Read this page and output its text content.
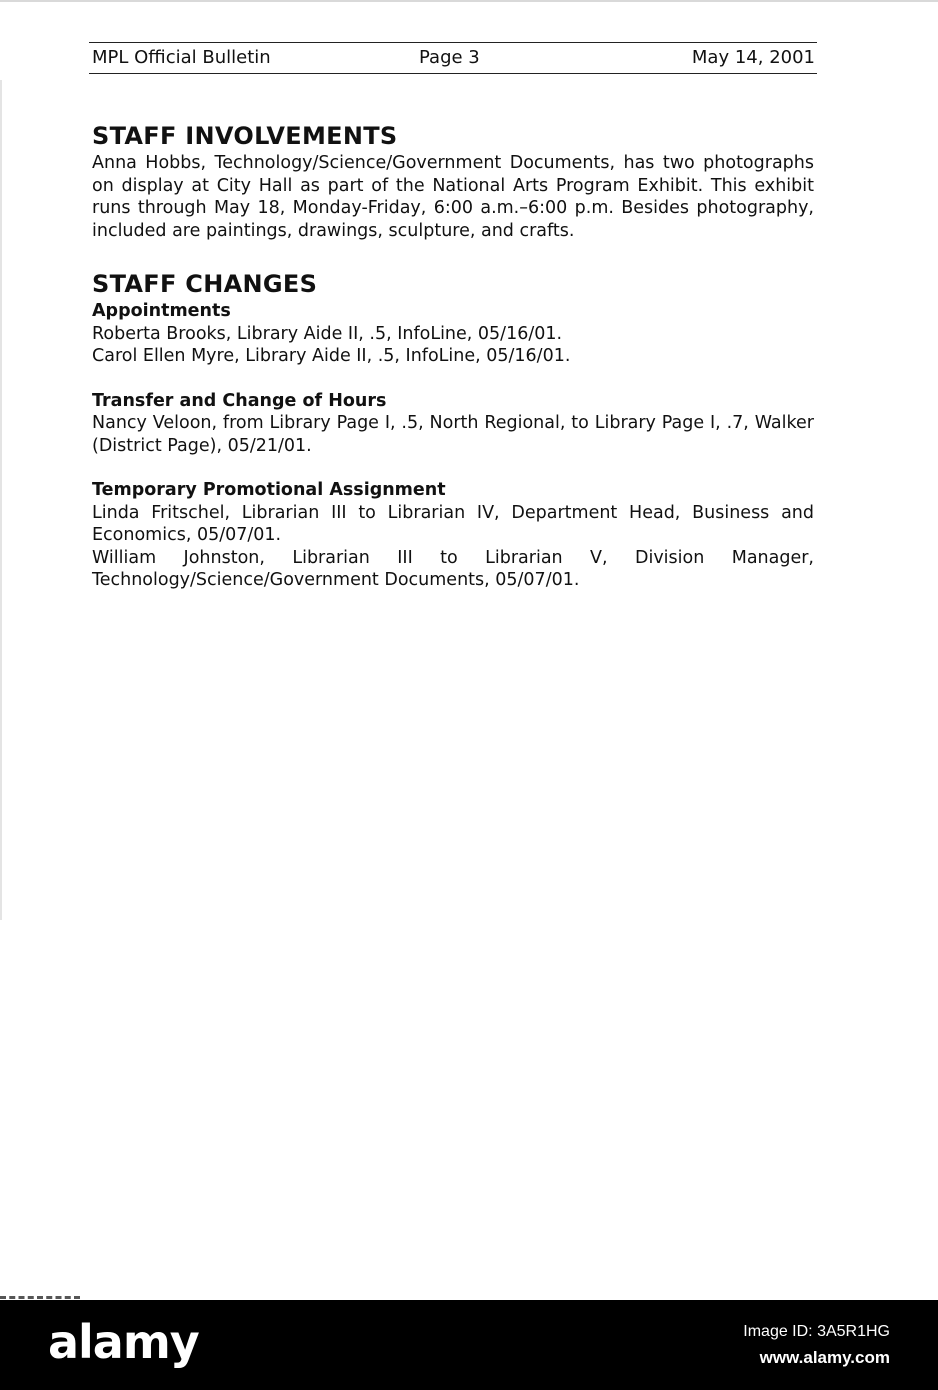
MPL Official Bulletin	Page 3	May 14, 2001
STAFF INVOLVEMENTS

Anna Hobbs, Technology/Science/Government Documents, has two photographs on display at City Hall as part of the National Arts Program Exhibit. This exhibit runs through May 18, Monday-Friday, 6:00 a.m.–6:00 p.m. Besides photography, included are paintings, drawings, sculpture, and crafts.

STAFF CHANGES
Appointments

Roberta Brooks, Library Aide II, .5, InfoLine, 05/16/01.

Carol Ellen Myre, Library Aide II, .5, InfoLine, 05/16/01.

Transfer and Change of Hours

Nancy Veloon, from Library Page I, .5, North Regional, to Library Page I, .7, Walker (District Page), 05/21/01.

Temporary Promotional Assignment

Linda Fritschel, Librarian III to Librarian IV, Department Head, Business and Economics, 05/07/01.

William Johnston, Librarian III to Librarian V, Division Manager, Technology/Science/Government Documents, 05/07/01.

alamy	Image ID: 3A5R1HG
www.alamy.com
